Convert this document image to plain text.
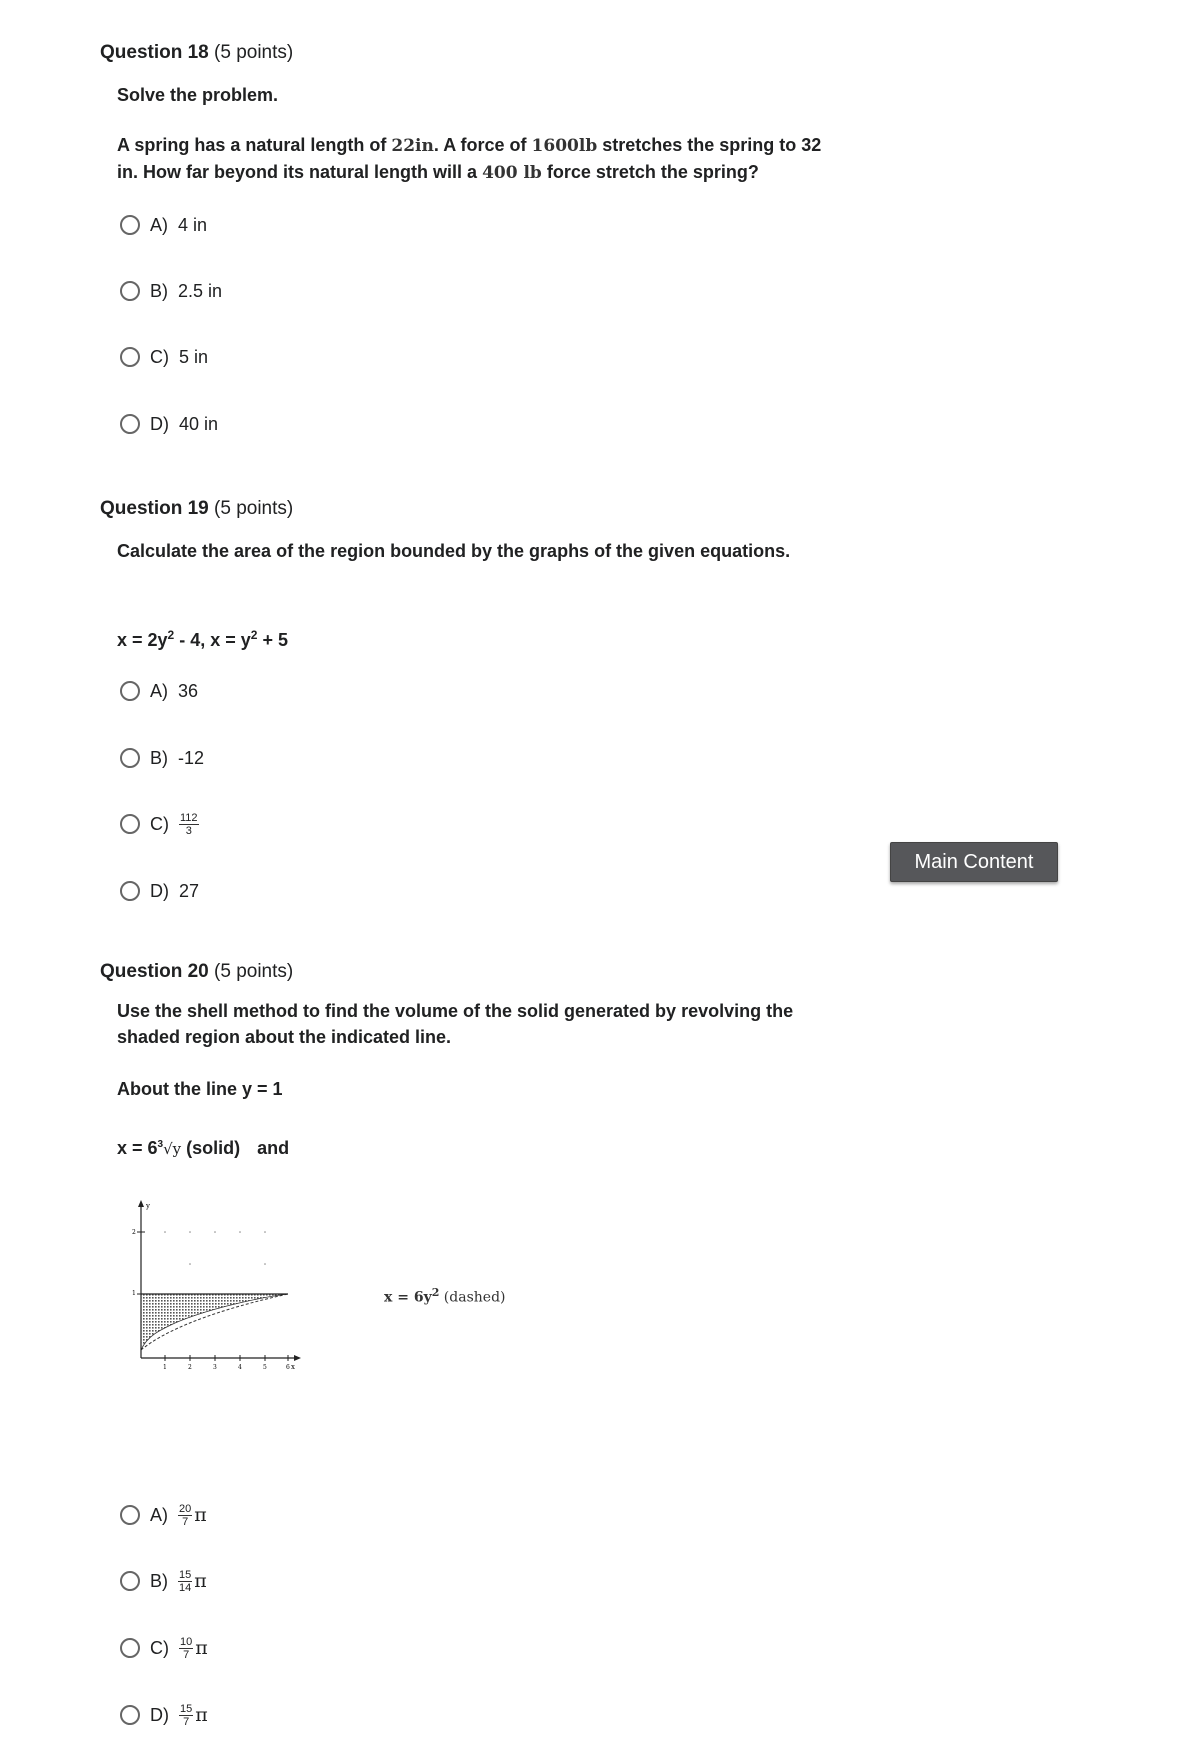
Question 18 (5 points)
Solve the problem.
A spring has a natural length of 22in. A force of 1600lb stretches the spring to 32
in. How far beyond its natural length will a 400 lb force stretch the spring?
A) 4 in
B) 2.5 in
C) 5 in
D) 40 in
Question 19 (5 points)
Calculate the area of the region bounded by the graphs of the given equations.
$x = 2y^2 - 4$, $x = y^2 + 5$
A) 36
B) -12
$C) \frac{112}{3}$
D) 27
Main Content
Question 20 (5 points)
Use the shell method to find the volume of the solid generated by revolving the
shaded region about the indicated line.
About the line y = 1
$x = 6^3√y$ (solid) and
y
x
1
2
1	2	3	4	5	6
$x = 6y^2$ (dashed)
$A) \frac{20}{7}$ π
$B) \frac{15}{14}$ π
$C) \frac{10}{7}$ π
$D) \frac{15}{7}$ π
